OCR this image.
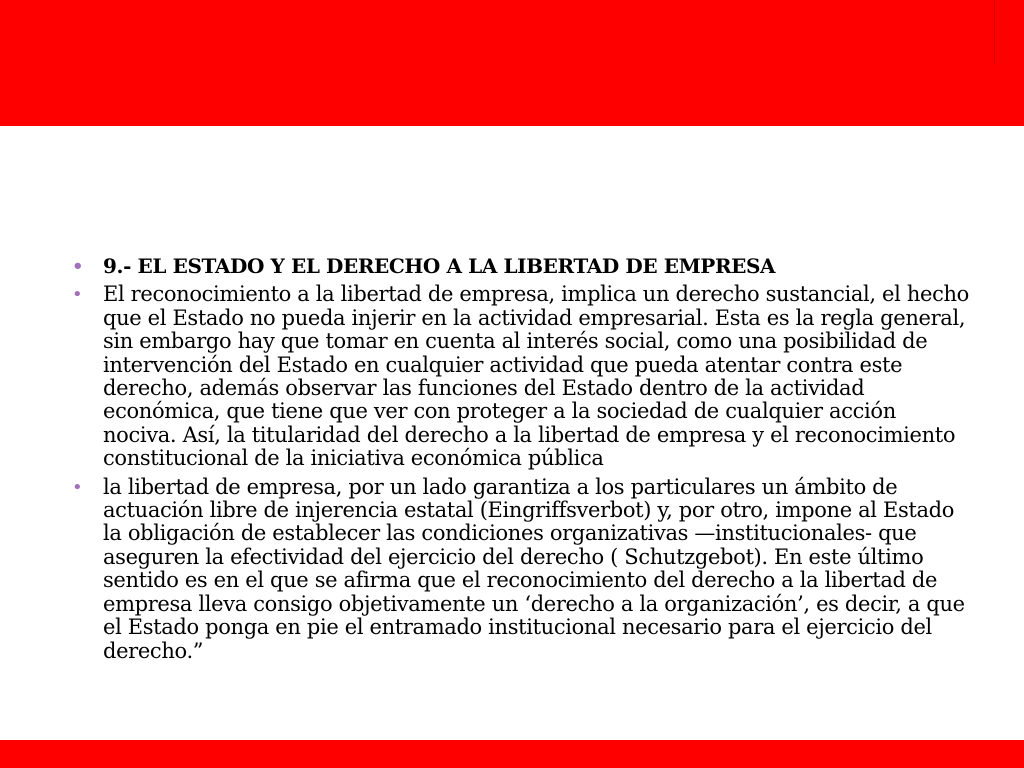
• 9.- EL ESTADO Y EL DERECHO A LA LIBERTAD DE EMPRESA
• El reconocimiento a la libertad de empresa, implica un derecho sustancial, el hecho que el Estado no pueda injerir en la actividad empresarial. Esta es la regla general, sin embargo hay que tomar en cuenta al interés social, como una posibilidad de intervención del Estado en cualquier actividad que pueda atentar contra este derecho, además observar las funciones del Estado dentro de la actividad económica, que tiene que ver con proteger a la sociedad de cualquier acción nociva. Así, la titularidad del derecho a la libertad de empresa y el reconocimiento constitucional de la iniciativa económica pública
• la libertad de empresa, por un lado garantiza a los particulares un ámbito de actuación libre de injerencia estatal (Eingriffsverbot) y, por otro, impone al Estado la obligación de establecer las condiciones organizativas —institucionales- que aseguren la efectividad del ejercicio del derecho ( Schutzgebot). En este último sentido es en el que se afirma que el reconocimiento del derecho a la libertad de empresa lleva consigo objetivamente un ‘derecho a la organización’, es decir, a que el Estado ponga en pie el entramado institucional necesario para el ejercicio del derecho.”
